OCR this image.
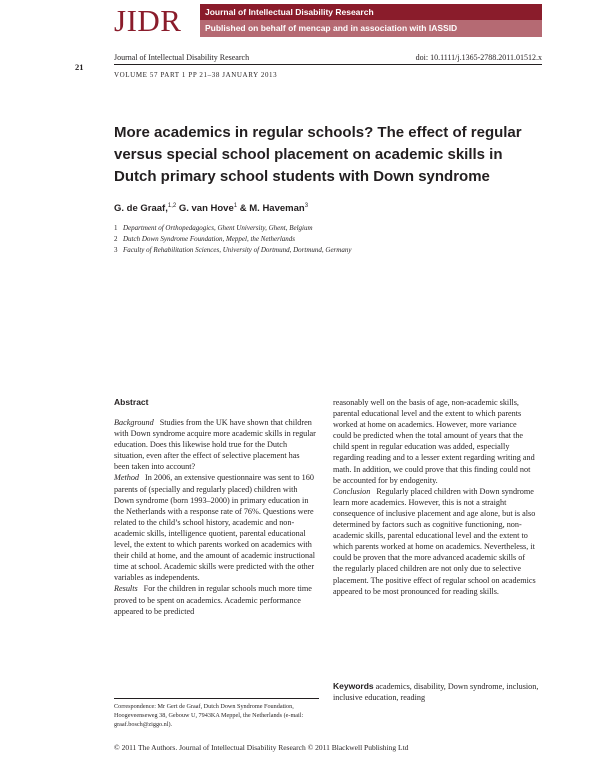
JIDR	Journal of Intellectual Disability Research
Published on behalf of mencap and in association with IASSID
21
Journal of Intellectual Disability Research	doi: 10.1111/j.1365-2788.2011.01512.x
VOLUME 57 PART 1 PP 21–38 JANUARY 2013
More academics in regular schools? The effect of regular
versus special school placement on academic skills in
Dutch primary school students with Down syndrome
G. de Graaf,$^{1,2}$ G. van Hove$^1$ & M. Haveman$^3$
1 Department of Orthopedagogics, Ghent University, Ghent, Belgium
2 Dutch Down Syndrome Foundation, Meppel, the Netherlands
3 Faculty of Rehabilitation Sciences, University of Dortmund, Dortmund, Germany
Abstract

Background Studies from the UK have shown that children with Down syndrome acquire more academic skills in regular education. Does this likewise hold true for the Dutch situation, even after the effect of selective placement has been taken into account?

Method In 2006, an extensive questionnaire was sent to 160 parents of (specially and regularly placed) children with Down syndrome (born 1993–2000) in primary education in the Netherlands with a response rate of 76%. Questions were related to the child’s school history, academic and non-academic skills, intelligence quotient, parental educational level, the extent to which parents worked on academics with their child at home, and the amount of academic instructional time at school. Academic skills were predicted with the other variables as independents.

Results For the children in regular schools much more time proved to be spent on academics. Academic performance appeared to be predicted

reasonably well on the basis of age, non-academic skills, parental educational level and the extent to which parents worked at home on academics. However, more variance could be predicted when the total amount of years that the child spent in regular education was added, especially regarding reading and to a lesser extent regarding writing and math. In addition, we could prove that this finding could not be accounted for by endogenity.

Conclusion Regularly placed children with Down syndrome learn more academics. However, this is not a straight consequence of inclusive placement and age alone, but is also determined by factors such as cognitive functioning, non-academic skills, parental educational level and the extent to which parents worked at home on academics. Nevertheless, it could be proven that the more advanced academic skills of the regularly placed children are not only due to selective placement. The positive effect of regular school on academics appeared to be most pronounced for reading skills.

Keywords academics, disability, Down syndrome, inclusion, inclusive education, reading
Correspondence: Mr Gert de Graaf, Dutch Down Syndrome Foundation, Hoogeveenseweg 38, Gebouw U, 7943KA Meppel, the Netherlands (e-mail: graaf.bosch@ziggo.nl).
© 2011 The Authors. Journal of Intellectual Disability Research © 2011 Blackwell Publishing Ltd
